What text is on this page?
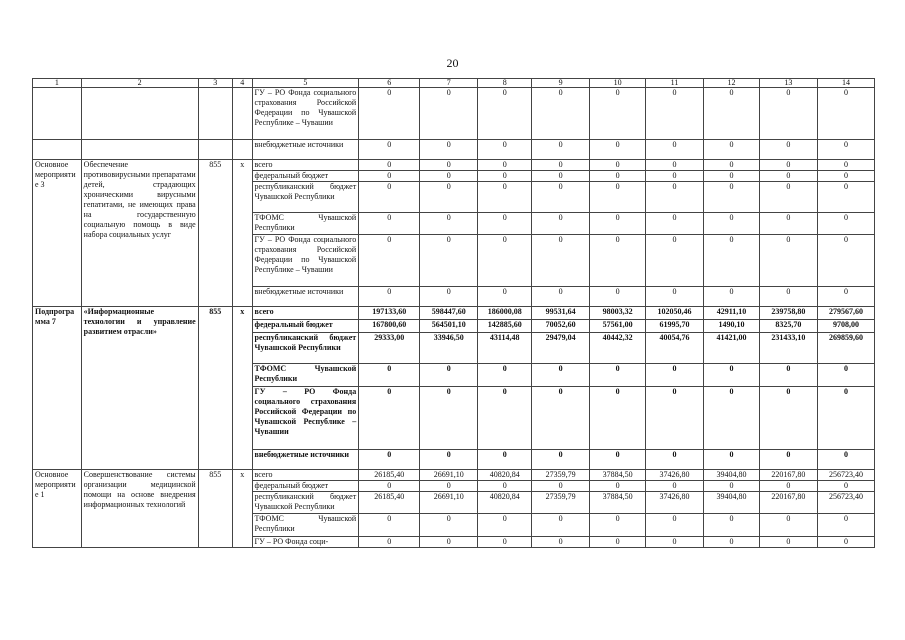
20
1	2	3	4	5	6	7	8	9	10	11	12	13	14
				ГУ – РО Фонда социального страхования Российской Федерации по Чувашской Республике – Чувашии	0	0	0	0	0	0	0	0	0
				внебюджетные источники	0	0	0	0	0	0	0	0	0
Основное мероприятие 3	Обеспечение противовирусными препаратами детей, страдающих хроническими вирусными гепатитами, не имеющих права на государственную социальную помощь в виде набора социальных услуг	855	х	всего	0	0	0	0	0	0	0	0	0
				федеральный бюджет	0	0	0	0	0	0	0	0	0
				республиканский бюджет Чувашской Республики	0	0	0	0	0	0	0	0	0
				ТФОМС Чувашской Республики	0	0	0	0	0	0	0	0	0
				ГУ – РО Фонда социального страхования Российской Федерации по Чувашской Республике – Чувашии	0	0	0	0	0	0	0	0	0
				внебюджетные источники	0	0	0	0	0	0	0	0	0
Подпрограмма 7	«Информационные технологии и управление развитием отрасли»	855	х	всего	197133,60	598447,60	186000,08	99531,64	98003,32	102050,46	42911,10	239758,80	279567,60
				федеральный бюджет	167800,60	564501,10	142885,60	70052,60	57561,00	61995,70	1490,10	8325,70	9708,00
				республиканский бюджет Чувашской Республики	29333,00	33946,50	43114,48	29479,04	40442,32	40054,76	41421,00	231433,10	269859,60
				ТФОМС Чувашской Республики	0	0	0	0	0	0	0	0	0
				ГУ – РО Фонда социального страхования Российской Федерации по Чувашской Республике – Чувашии	0	0	0	0	0	0	0	0	0
				внебюджетные источники	0	0	0	0	0	0	0	0	0
Основное мероприятие 1	Совершенствование системы организации медицинской помощи на основе внедрения информационных технологий	855	х	всего	26185,40	26691,10	40820,84	27359,79	37884,50	37426,80	39404,80	220167,80	256723,40
				федеральный бюджет	0	0	0	0	0	0	0	0	0
				республиканский бюджет Чувашской Республики	26185,40	26691,10	40820,84	27359,79	37884,50	37426,80	39404,80	220167,80	256723,40
				ТФОМС Чувашской Республики	0	0	0	0	0	0	0	0	0
				ГУ – РО Фонда соци-	0	0	0	0	0	0	0	0	0
